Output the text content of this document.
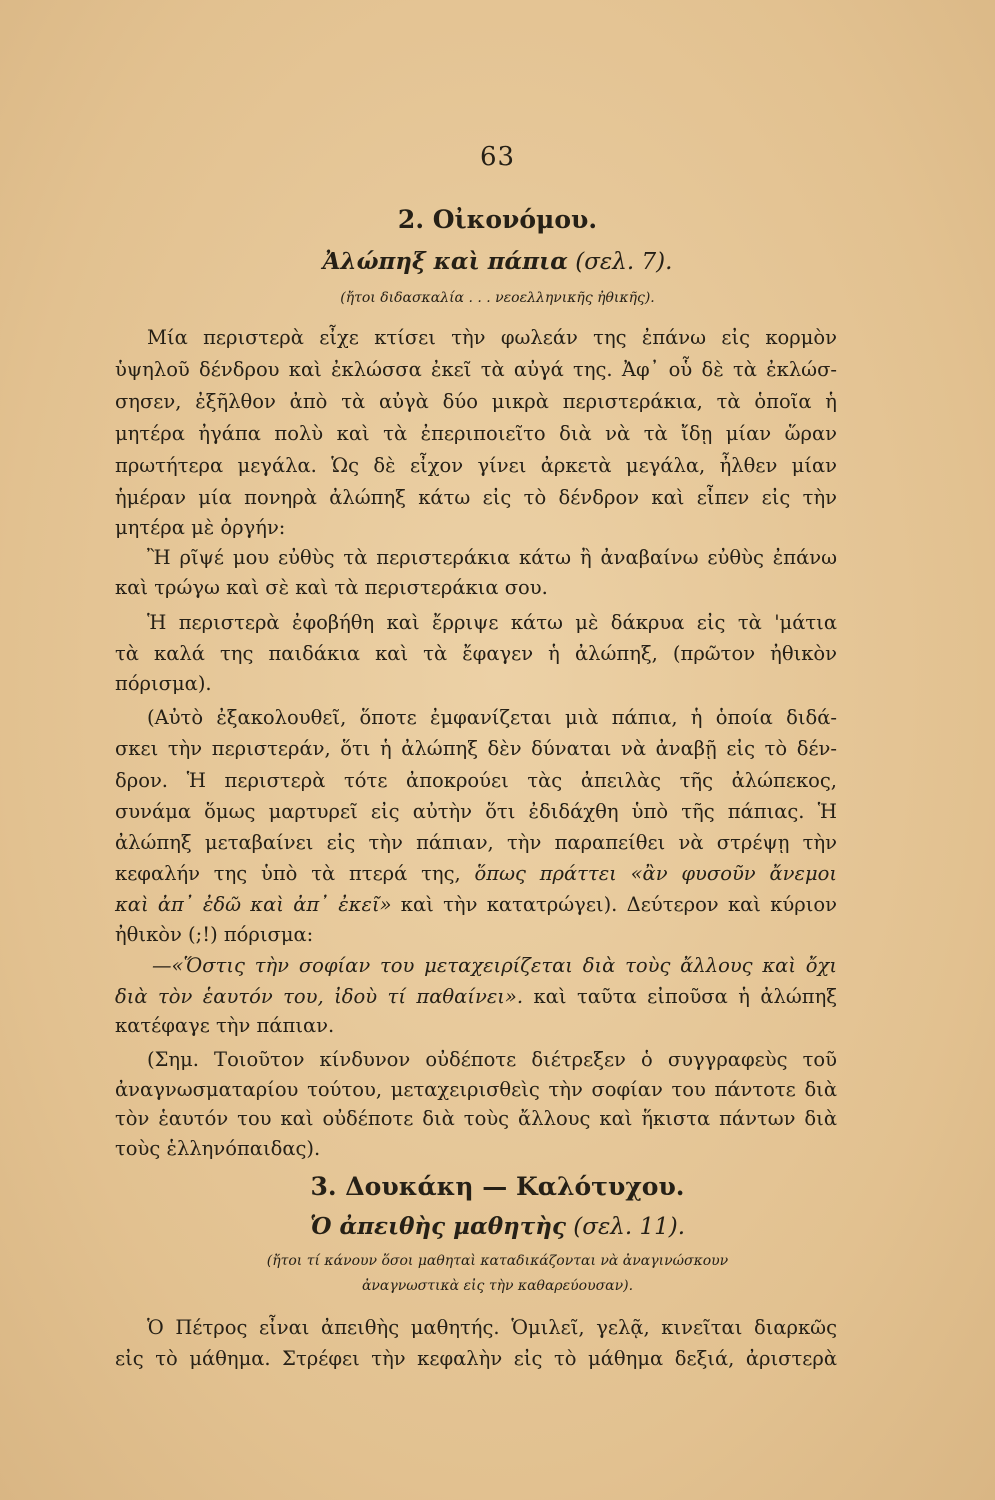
63
2. Οἰκονόμου.
Ἀλώπηξ καὶ πάπια (σελ. 7).
(ἤτοι διδασκαλία . . . νεοελληνικῆς ἠθικῆς).
Μία περιστερὰ εἶχε κτίσει τὴν φωλεάν της ἐπάνω εἰς κορμὸν
ὑψηλοῦ δένδρου καὶ ἐκλώσσα ἐκεῖ τὰ αὐγά της. Ἀφ᾿ οὗ δὲ τὰ ἐκλώσ-
σησεν, ἐξῆλθον ἀπὸ τὰ αὐγὰ δύο μικρὰ περιστεράκια, τὰ ὁποῖα ἡ
μητέρα ἠγάπα πολὺ καὶ τὰ ἐπεριποιεῖτο διὰ νὰ τὰ ἴδῃ μίαν ὥραν
πρωτήτερα μεγάλα. Ὡς δὲ εἶχον γίνει ἀρκετὰ μεγάλα, ἦλθεν μίαν
ἡμέραν μία πονηρὰ ἀλώπηξ κάτω εἰς τὸ δένδρον καὶ εἶπεν εἰς τὴν
μητέρα μὲ ὀργήν:
Ἢ ρῖψέ μου εὐθὺς τὰ περιστεράκια κάτω ἢ ἀναβαίνω εὐθὺς ἐπάνω
καὶ τρώγω καὶ σὲ καὶ τὰ περιστεράκια σου.
Ἡ περιστερὰ ἐφοβήθη καὶ ἔρριψε κάτω μὲ δάκρυα εἰς τὰ 'μάτια
τὰ καλά της παιδάκια καὶ τὰ ἔφαγεν ἡ ἀλώπηξ, (πρῶτον ἠθικὸν
πόρισμα).
(Αὐτὸ ἐξακολουθεῖ, ὅποτε ἐμφανίζεται μιὰ πάπια, ἡ ὁποία διδά-
σκει τὴν περιστεράν, ὅτι ἡ ἀλώπηξ δὲν δύναται νὰ ἀναβῇ εἰς τὸ δέν-
δρον. Ἡ περιστερὰ τότε ἀποκρούει τὰς ἀπειλὰς τῆς ἀλώπεκος,
συνάμα ὅμως μαρτυρεῖ εἰς αὐτὴν ὅτι ἐδιδάχθη ὑπὸ τῆς πάπιας. Ἡ
ἀλώπηξ μεταβαίνει εἰς τὴν πάπιαν, τὴν παραπείθει νὰ στρέψῃ τὴν
κεφαλήν της ὑπὸ τὰ πτερά της, ὅπως πράττει «ἂν φυσοῦν ἄνεμοι
καὶ ἀπ᾿ ἐδῶ καὶ ἀπ᾿ ἐκεῖ» καὶ τὴν κατατρώγει). Δεύτερον καὶ κύριον
ἠθικὸν (;!) πόρισμα:
—«Ὅστις τὴν σοφίαν του μεταχειρίζεται διὰ τοὺς ἄλλους καὶ ὄχι
διὰ τὸν ἑαυτόν του, ἰδοὺ τί παθαίνει». καὶ ταῦτα εἰποῦσα ἡ ἀλώπηξ
κατέφαγε τὴν πάπιαν.
(Σημ. Τοιοῦτον κίνδυνον οὐδέποτε διέτρεξεν ὁ συγγραφεὺς τοῦ
ἀναγνωσματαρίου τούτου, μεταχειρισθεὶς τὴν σοφίαν του πάντοτε διὰ
τὸν ἑαυτόν του καὶ οὐδέποτε διὰ τοὺς ἄλλους καὶ ἥκιστα πάντων διὰ
τοὺς ἑλληνόπαιδας).
3. Δουκάκη — Καλότυχου.
Ὁ ἀπειθὴς μαθητὴς (σελ. 11).
(ἤτοι τί κάνουν ὅσοι μαθηταὶ καταδικάζονται νὰ ἀναγινώσκουν
ἀναγνωστικὰ εἰς τὴν καθαρεύουσαν).
Ὁ Πέτρος εἶναι ἀπειθὴς μαθητής. Ὁμιλεῖ, γελᾷ, κινεῖται διαρκῶς
εἰς τὸ μάθημα. Στρέφει τὴν κεφαλὴν εἰς τὸ μάθημα δεξιά, ἀριστερὰ
